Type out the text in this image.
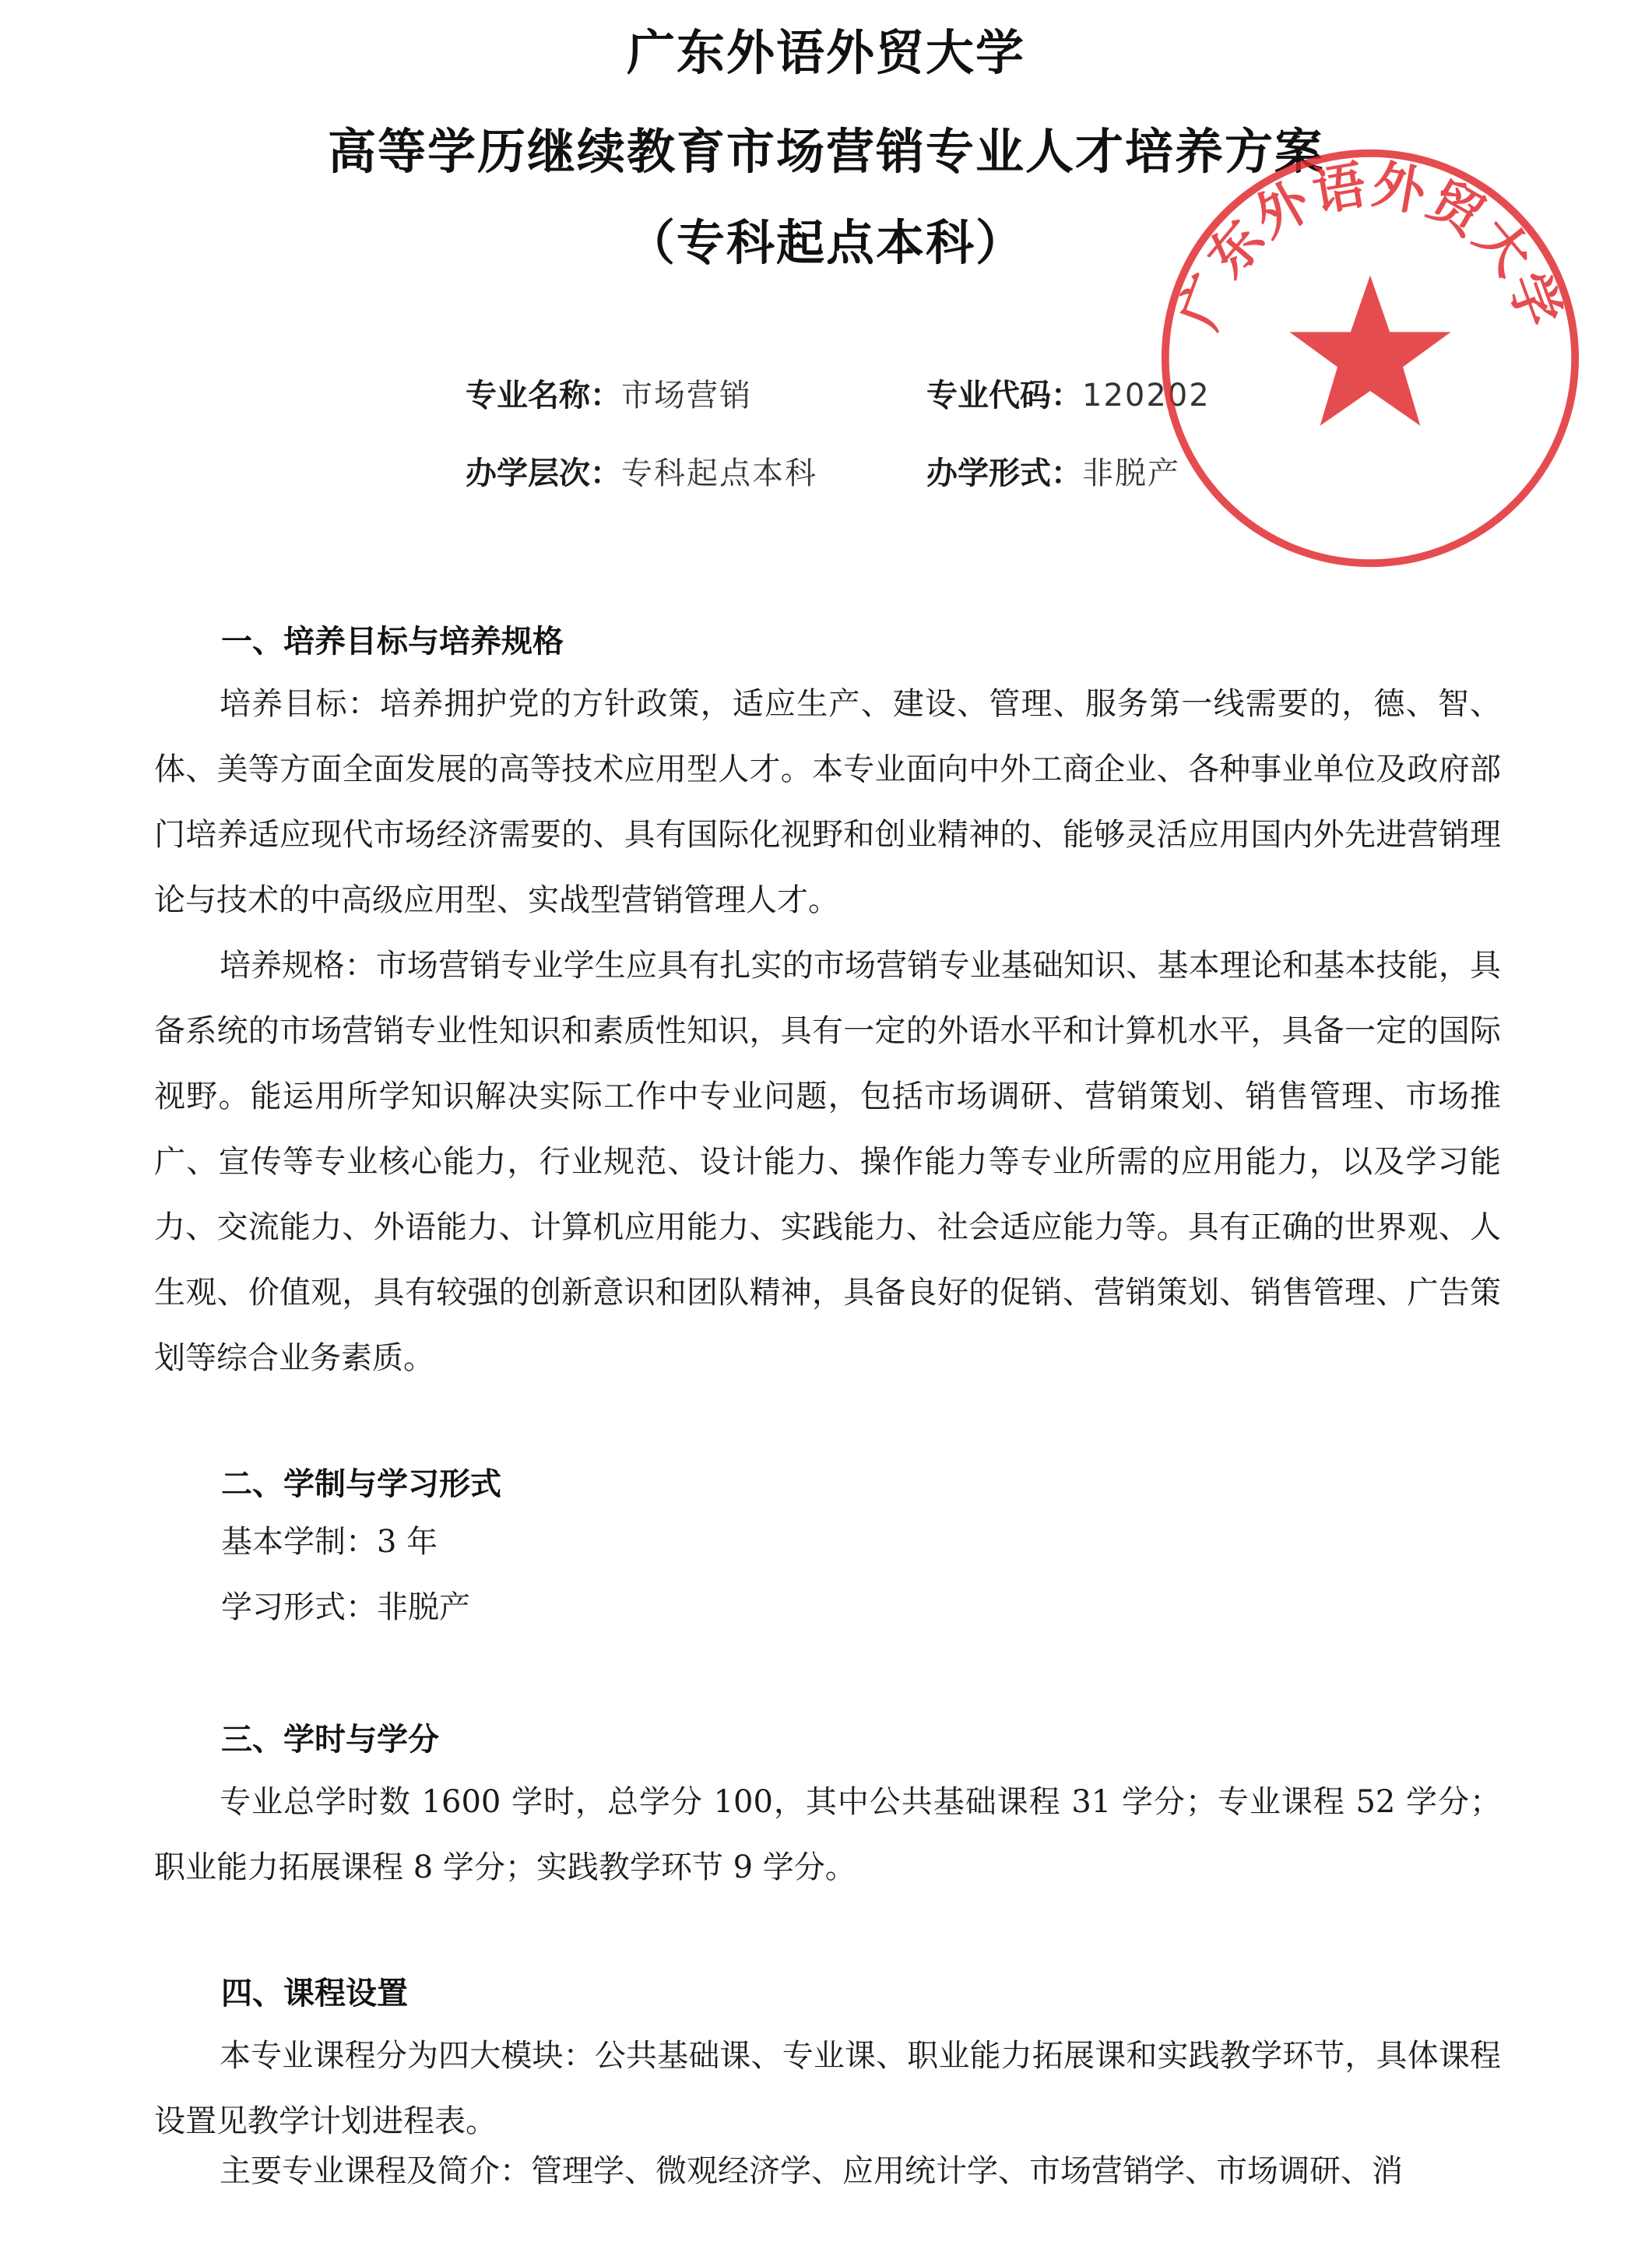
广东外语外贸大学
高等学历继续教育市场营销专业人才培养方案
（专科起点本科）
专业名称：市场营销	专业代码：120202
办学层次：专科起点本科	办学形式：非脱产
广东外语外贸大学
一、培养目标与培养规格

培养目标：培养拥护党的方针政策，适应生产、建设、管理、服务第一线需要的，德、智、体、美等方面全面发展的高等技术应用型人才。本专业面向中外工商企业、各种事业单位及政府部门培养适应现代市场经济需要的、具有国际化视野和创业精神的、能够灵活应用国内外先进营销理论与技术的中高级应用型、实战型营销管理人才。

培养规格：市场营销专业学生应具有扎实的市场营销专业基础知识、基本理论和基本技能，具备系统的市场营销专业性知识和素质性知识，具有一定的外语水平和计算机水平，具备一定的国际视野。能运用所学知识解决实际工作中专业问题，包括市场调研、营销策划、销售管理、市场推广、宣传等专业核心能力，行业规范、设计能力、操作能力等专业所需的应用能力，以及学习能力、交流能力、外语能力、计算机应用能力、实践能力、社会适应能力等。具有正确的世界观、人生观、价值观，具有较强的创新意识和团队精神，具备良好的促销、营销策划、销售管理、广告策划等综合业务素质。

二、学制与学习形式
基本学制：3 年
学习形式：非脱产
三、学时与学分

专业总学时数 1600 学时，总学分 100，其中公共基础课程 31 学分；专业课程 52 学分；职业能力拓展课程 8 学分；实践教学环节 9 学分。

四、课程设置

本专业课程分为四大模块：公共基础课、专业课、职业能力拓展课和实践教学环节，具体课程设置见教学计划进程表。

主要专业课程及简介：管理学、微观经济学、应用统计学、市场营销学、市场调研、消
